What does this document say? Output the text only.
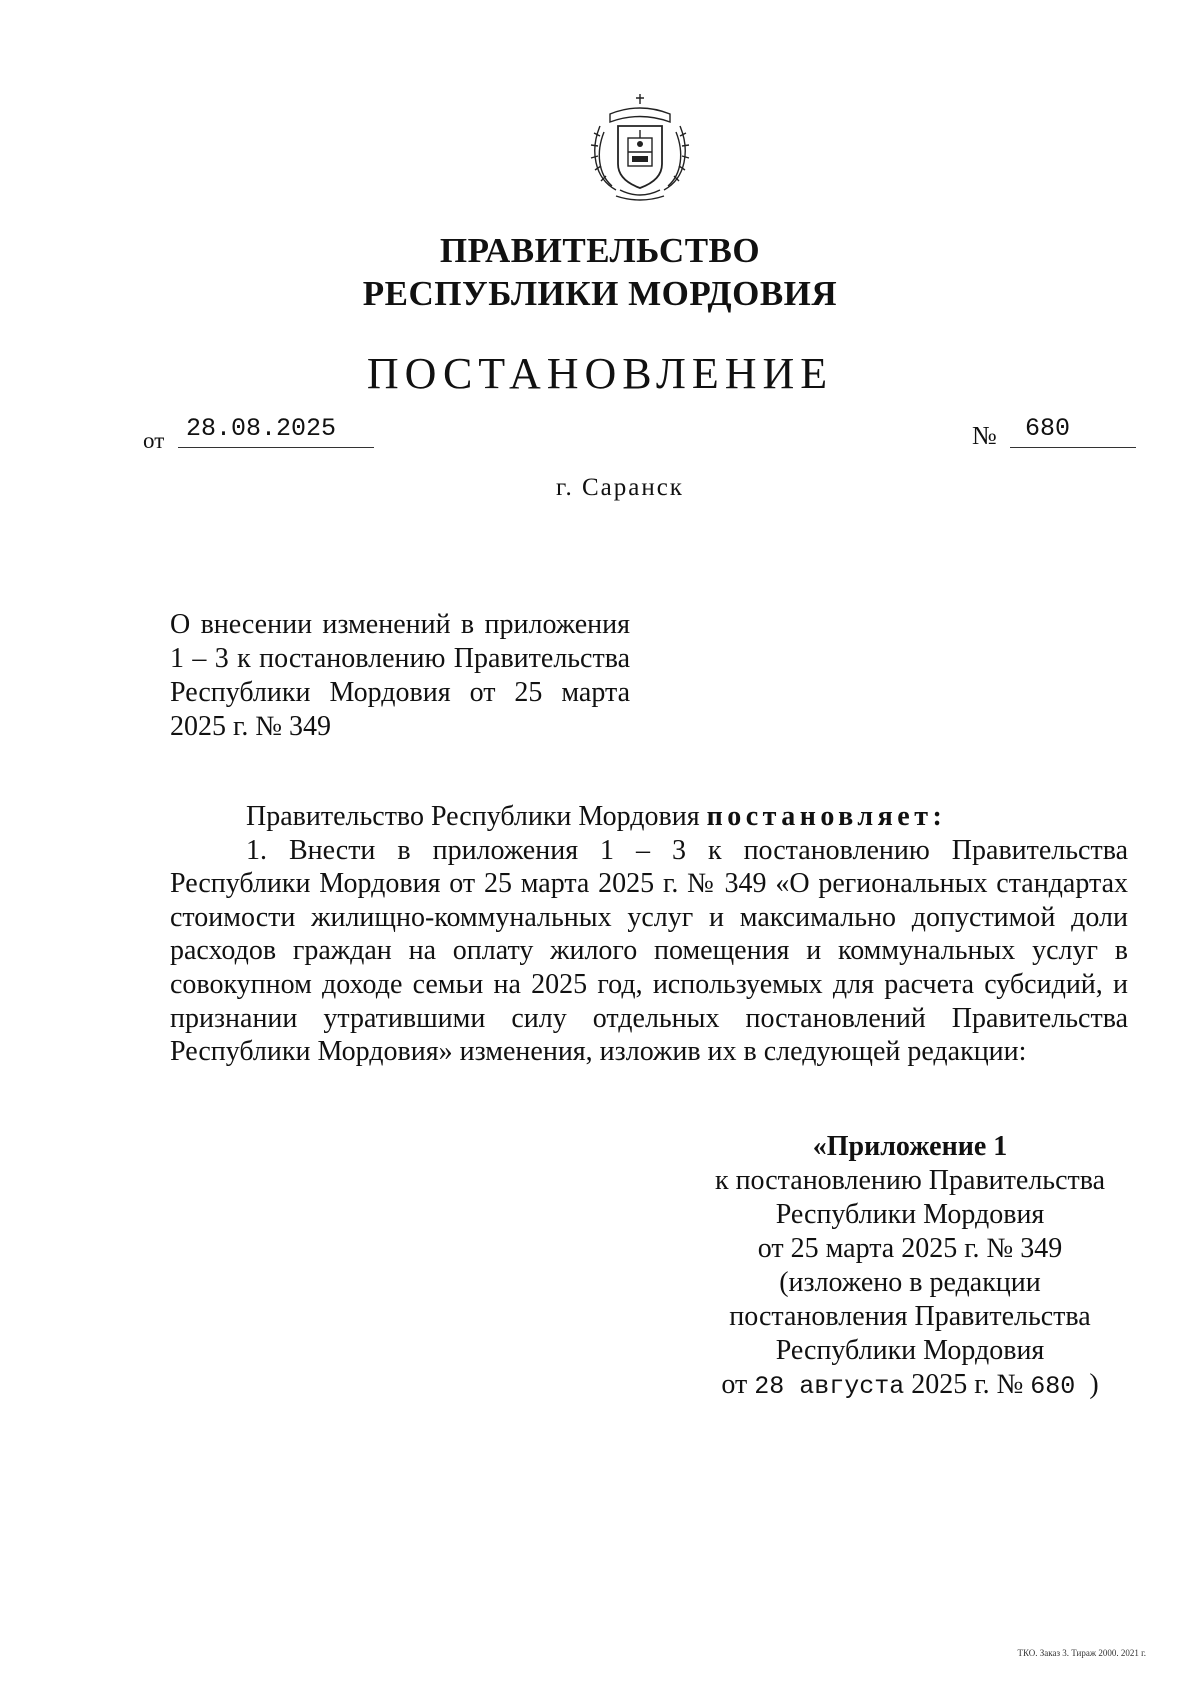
ПРАВИТЕЛЬСТВО
РЕСПУБЛИКИ МОРДОВИЯ
ПОСТАНОВЛЕНИЕ
от 28.08.2025	№	680
г. Саранск
О внесении изменений в приложения
1 – 3 к постановлению Правительства
Республики Мордовия от 25 марта
2025 г. № 349
Правительство Республики Мордовия постановляет:
1. Внести в приложения 1 – 3 к постановлению Правительства Республики Мордовия от 25 марта 2025 г. № 349 «О региональных стандартах стоимости жилищно-коммунальных услуг и максимально допустимой доли расходов граждан на оплату жилого помещения и коммунальных услуг в совокупном доходе семьи на 2025 год, используемых для расчета субсидий, и признании утратившими силу отдельных постановлений Правительства Республики Мордовия» изменения, изложив их в следующей редакции:
«Приложение 1
к постановлению Правительства
Республики Мордовия
от 25 марта 2025 г. № 349
(изложено в редакции
постановления Правительства
Республики Мордовия
от 28 августа 2025 г. № 680  )
ТКО. Заказ 3. Тираж 2000. 2021 г.
